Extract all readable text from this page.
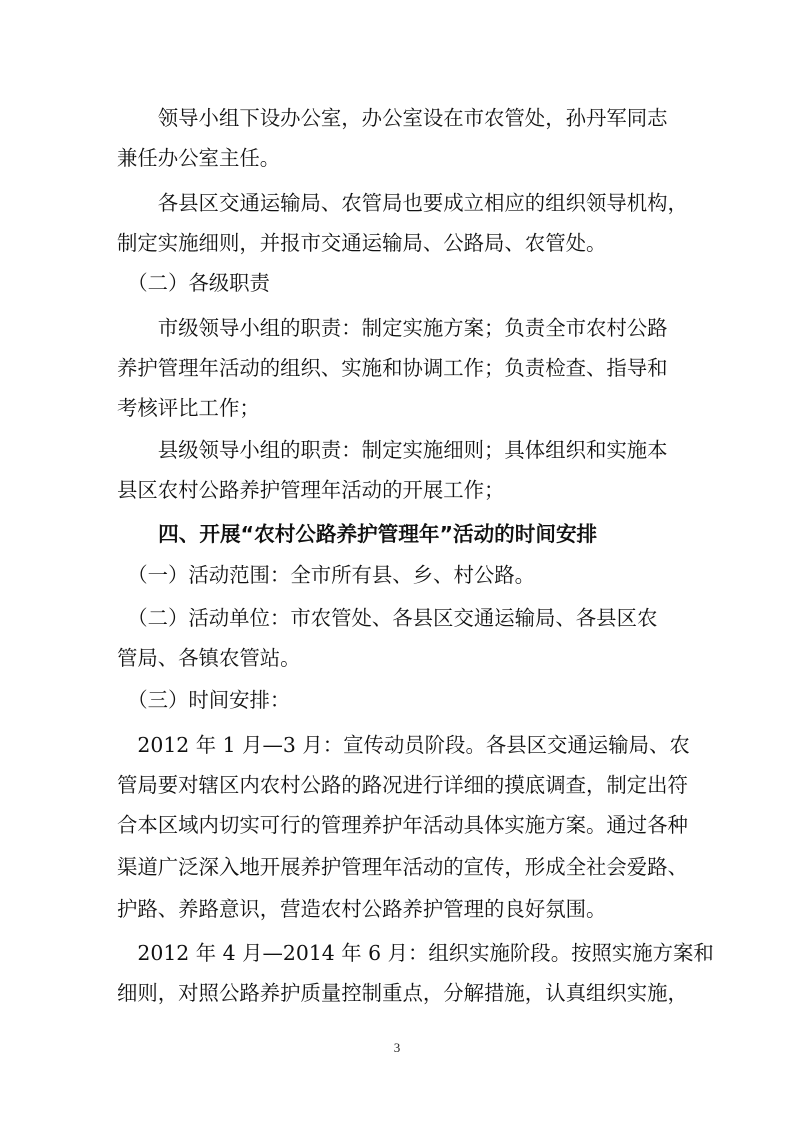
　　领导小组下设办公室，办公室设在市农管处，孙丹军同志
兼任办公室主任。
　　各县区交通运输局、农管局也要成立相应的组织领导机构，
制定实施细则，并报市交通运输局、公路局、农管处。
　（二）各级职责
　　市级领导小组的职责：制定实施方案；负责全市农村公路
养护管理年活动的组织、实施和协调工作；负责检查、指导和
考核评比工作；
　　县级领导小组的职责：制定实施细则；具体组织和实施本
县区农村公路养护管理年活动的开展工作；
　　四、开展“农村公路养护管理年”活动的时间安排
　（一）活动范围：全市所有县、乡、村公路。
　（二）活动单位：市农管处、各县区交通运输局、各县区农
管局、各镇农管站。
　（三）时间安排：
　2012 年 1 月—3 月：宣传动员阶段。各县区交通运输局、农
管局要对辖区内农村公路的路况进行详细的摸底调查，制定出符
合本区域内切实可行的管理养护年活动具体实施方案。通过各种
渠道广泛深入地开展养护管理年活动的宣传，形成全社会爱路、
护路、养路意识，营造农村公路养护管理的良好氛围。
　2012 年 4 月—2014 年 6 月：组织实施阶段。按照实施方案和
细则，对照公路养护质量控制重点，分解措施，认真组织实施，
3
